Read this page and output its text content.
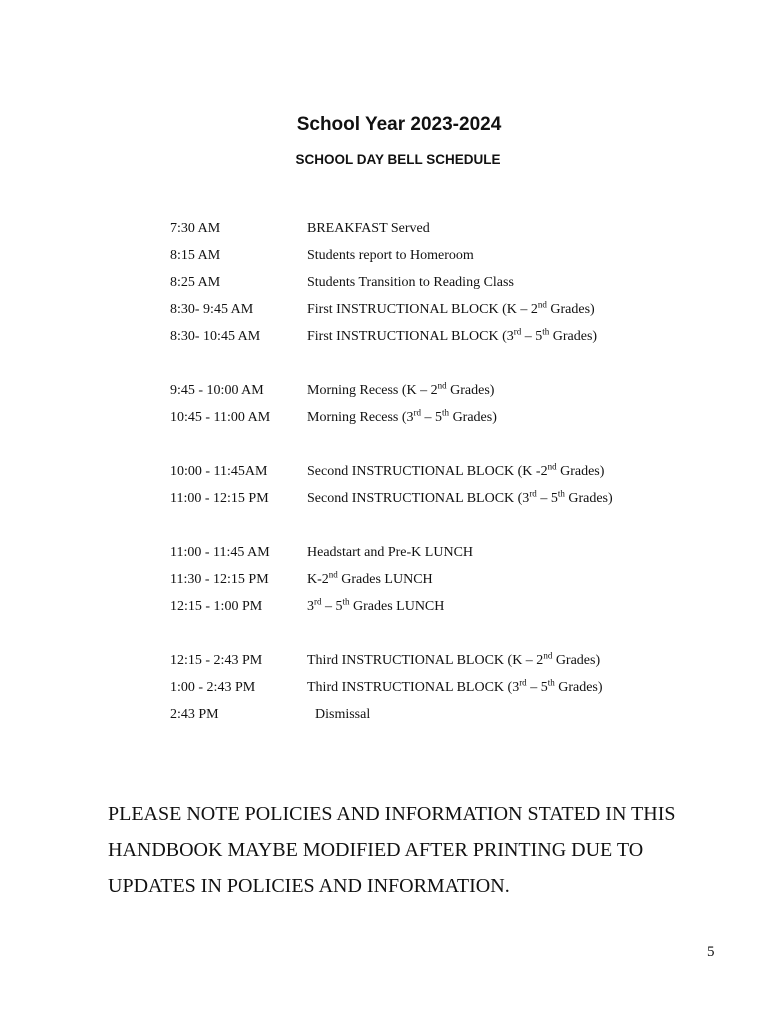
School Year 2023-2024
SCHOOL DAY BELL SCHEDULE
7:30 AM	BREAKFAST Served
8:15 AM	Students report to Homeroom
8:25 AM	Students Transition to Reading Class
8:30- 9:45 AM	First INSTRUCTIONAL BLOCK (K – 2nd Grades)
8:30- 10:45 AM	First INSTRUCTIONAL BLOCK (3rd – 5th Grades)
9:45 - 10:00 AM	Morning Recess (K – 2nd Grades)
10:45 - 11:00 AM	Morning Recess (3rd – 5th Grades)
10:00 - 11:45AM	Second INSTRUCTIONAL BLOCK (K -2nd Grades)
11:00 - 12:15 PM	Second INSTRUCTIONAL BLOCK (3rd – 5th Grades)
11:00 - 11:45 AM	Headstart and Pre-K LUNCH
11:30 - 12:15 PM	K-2nd Grades LUNCH
12:15 - 1:00 PM	3rd – 5th Grades LUNCH
12:15 - 2:43 PM	Third INSTRUCTIONAL BLOCK (K – 2nd Grades)
1:00 - 2:43 PM	Third INSTRUCTIONAL BLOCK (3rd – 5th Grades)
2:43 PM	Dismissal

PLEASE NOTE POLICIES AND INFORMATION STATED IN THIS
HANDBOOK MAYBE MODIFIED AFTER PRINTING DUE TO
UPDATES IN POLICIES AND INFORMATION.

5
